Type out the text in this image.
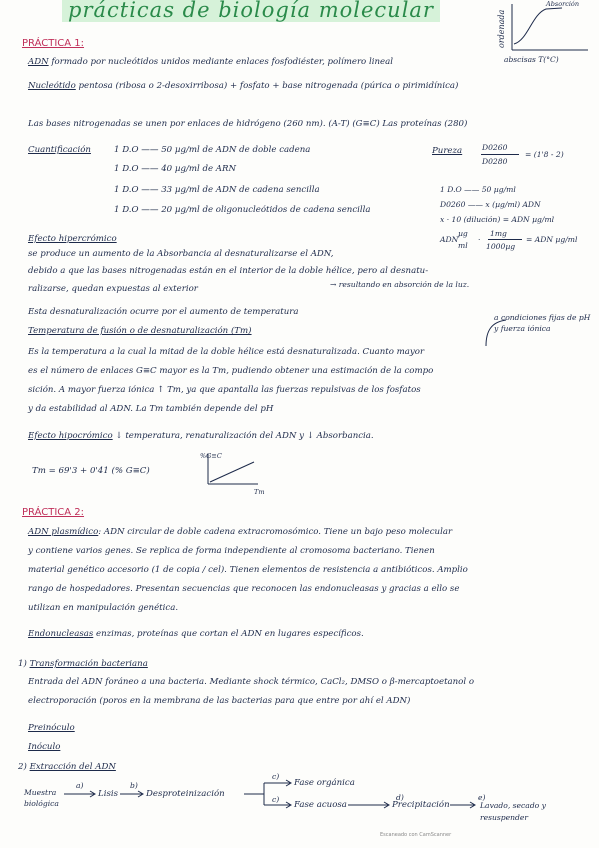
prácticas de biología molecular	ordenada
Absorción
abscisas T(°C)
PRÁCTICA 1:
ADN formado por nucleótidos unidos mediante enlaces fosfodiéster, polímero lineal
Nucleótido pentosa (ribosa o 2-desoxirribosa) + fosfato + base nitrogenada (púrica o pirimidínica)
Las bases nitrogenadas se unen por enlaces de hidrógeno (260 nm). (A-T) (G≡C) Las proteínas (280)
Cuantificación	1 D.O —— 50 µg/ml de ADN de doble cadena
1 D.O —— 40 µg/ml de ARN
1 D.O —— 33 µg/ml de ADN de cadena sencilla
1 D.O —— 20 µg/ml de oligonucleótidos de cadena sencilla
Pureza	D0260
D0280
= (1'8 - 2)
1 D.O —— 50 µg/ml
D0260 —— x (µg/ml) ADN
x · 10 (dilución) = ADN µg/ml
ADN
µg
ml
·
1mg
1000µg
= ADN µg/ml
Efecto hipercrómico
se produce un aumento de la Absorbancia al desnaturalizarse el ADN,
debido a que las bases nitrogenadas están en el interior de la doble hélice, pero al desnatu-
ralizarse, quedan expuestas al exterior	→ resultando en absorción de la luz.
Esta desnaturalización ocurre por el aumento de temperatura
Temperatura de fusión o de desnaturalización (Tm)
a condiciones fijas de pH y fuerza iónica
Es la temperatura a la cual la mitad de la doble hélice está desnaturalizada. Cuanto mayor
es el número de enlaces G≡C mayor es la Tm, pudiendo obtener una estimación de la compo
sición. A mayor fuerza iónica ↑ Tm, ya que apantalla las fuerzas repulsivas de los fosfatos
y da estabilidad al ADN. La Tm también depende del pH
Efecto hipocrómico ↓ temperatura, renaturalización del ADN y ↓ Absorbancia.
Tm = 69'3 + 0'41 (% G≡C)
%G≡C
Tm
PRÁCTICA 2:
ADN plasmídico: ADN circular de doble cadena extracromosómico. Tiene un bajo peso molecular
y contiene varios genes. Se replica de forma independiente al cromosoma bacteriano. Tienen
material genético accesorio (1 de copia / cel). Tienen elementos de resistencia a antibióticos. Amplio
rango de hospedadores. Presentan secuencias que reconocen las endonucleasas y gracias a ello se
utilizan en manipulación genética.
Endonucleasas enzimas, proteínas que cortan el ADN en lugares específicos.
1) Transformación bacteriana
Entrada del ADN foráneo a una bacteria. Mediante shock térmico, CaCl₂, DMSO o β-mercaptoetanol o
electroporación (poros en la membrana de las bacterias para que entre por ahí el ADN)
Preinóculo
Inóculo
2) Extracción del ADN
Muestra
biológica
a)
Lisis
b)
Desproteinización
c)
Fase orgánica
c)
Fase acuosa
d)
Precipitación
e)
Lavado, secado y resuspender
Escaneado con CamScanner
